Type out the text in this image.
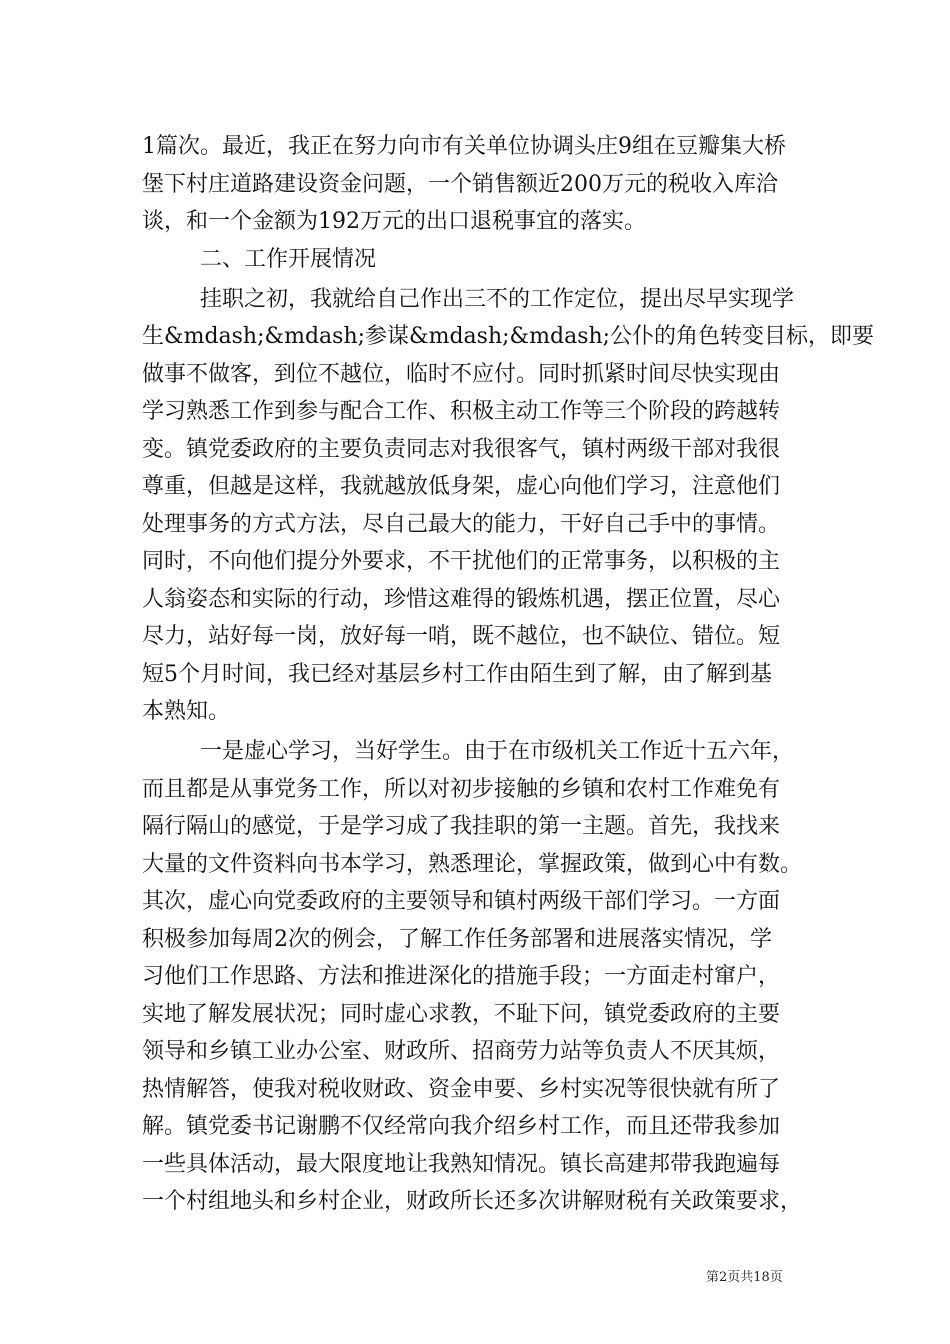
1篇次。最近，我正在努力向市有关单位协调头庄9组在豆瓣集大桥
堡下村庄道路建设资金问题，一个销售额近200万元的税收入库洽
谈，和一个金额为192万元的出口退税事宜的落实。
二、工作开展情况
挂职之初，我就给自己作出三不的工作定位，提出尽早实现学
生&mdash;&mdash;参谋&mdash;&mdash;公仆的角色转变目标，即要
做事不做客，到位不越位，临时不应付。同时抓紧时间尽快实现由
学习熟悉工作到参与配合工作、积极主动工作等三个阶段的跨越转
变。镇党委政府的主要负责同志对我很客气，镇村两级干部对我很
尊重，但越是这样，我就越放低身架，虚心向他们学习，注意他们
处理事务的方式方法，尽自己最大的能力，干好自己手中的事情。
同时，不向他们提分外要求，不干扰他们的正常事务，以积极的主
人翁姿态和实际的行动，珍惜这难得的锻炼机遇，摆正位置，尽心
尽力，站好每一岗，放好每一哨，既不越位，也不缺位、错位。短
短5个月时间，我已经对基层乡村工作由陌生到了解，由了解到基
本熟知。
一是虚心学习，当好学生。由于在市级机关工作近十五六年，
而且都是从事党务工作，所以对初步接触的乡镇和农村工作难免有
隔行隔山的感觉，于是学习成了我挂职的第一主题。首先，我找来
大量的文件资料向书本学习，熟悉理论，掌握政策，做到心中有数。
其次，虚心向党委政府的主要领导和镇村两级干部们学习。一方面
积极参加每周2次的例会，了解工作任务部署和进展落实情况，学
习他们工作思路、方法和推进深化的措施手段；一方面走村窜户，
实地了解发展状况；同时虚心求教，不耻下问，镇党委政府的主要
领导和乡镇工业办公室、财政所、招商劳力站等负责人不厌其烦，
热情解答，使我对税收财政、资金申要、乡村实况等很快就有所了
解。镇党委书记谢鹏不仅经常向我介绍乡村工作，而且还带我参加
一些具体活动，最大限度地让我熟知情况。镇长高建邦带我跑遍每
一个村组地头和乡村企业，财政所长还多次讲解财税有关政策要求，
第2页共18页
